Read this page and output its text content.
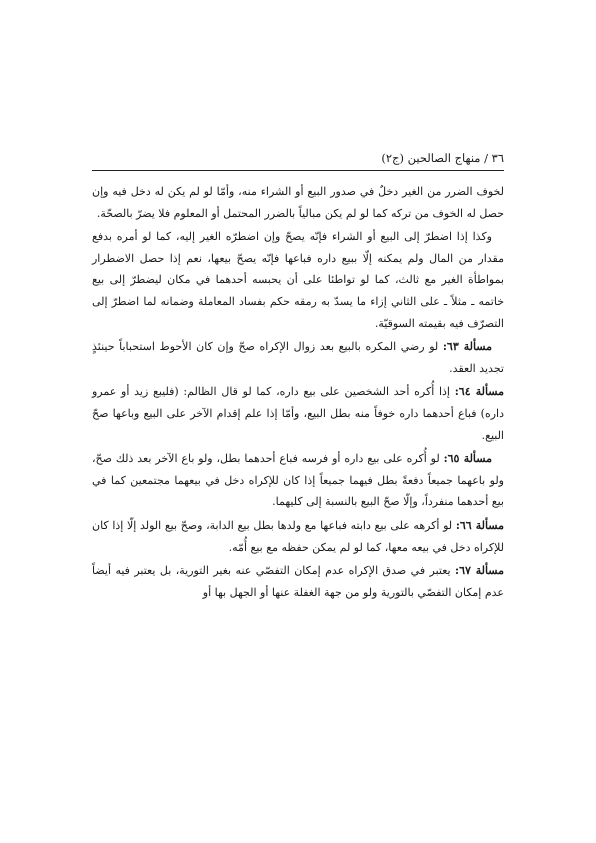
٣٦ / منهاج الصالحين (ج٢)

لخوف الضرر من الغير دخلٌ في صدور البيع أو الشراء منه، وأمّا لو لم يكن له دخل فيه وإن حصل له الخوف من تركه كما لو لم يكن مبالياً بالضرر المحتمل أو المعلوم فلا يضرّ بالصحّة.

وكذا إذا اضطرّ إلى البيع أو الشراء فإنّه يصحّ وإن اضطرّه الغير إليه، كما لو أمره بدفع مقدار من المال ولم يمكنه إلّا ببيع داره فباعها فإنّه يصحّ بيعها، نعم إذا حصل الاضطرار بمواطأة الغير مع ثالث، كما لو تواطئا على أن يحبسه أحدهما في مكان ليضطرّ إلى بيع خاتمه ـ مثلاً ـ على الثاني إزاء ما يسدّ به رمقه حكم بفساد المعاملة وضمانه لما اضطرّ إلى التصرّف فيه بقيمته السوقيّة.

مسألة ٦٣: لو رضي المكره بالبيع بعد زوال الإكراه صحّ وإن كان الأحوط استحباباً حينئذٍ تجديد العقد.

مسألة ٦٤: إذا أُكره أحد الشخصين على بيع داره، كما لو قال الظالم: (فليبع زيد أو عمرو داره) فباع أحدهما داره خوفاً منه بطل البيع، وأمّا إذا علم إقدام الآخر على البيع وباعها صحّ البيع.

مسألة ٦٥: لو أُكره على بيع داره أو فرسه فباع أحدهما بطل، ولو باع الآخر بعد ذلك صحّ، ولو باعهما جميعاً دفعةً بطل فيهما جميعاً إذا كان للإكراه دخل في بيعهما مجتمعين كما في بيع أحدهما منفرداً، وإلّا صحّ البيع بالنسبة إلى كليهما.

مسألة ٦٦: لو أكرهه على بيع دابته فباعها مع ولدها بطل بيع الدابة، وصحّ بيع الولد إلّا إذا كان للإكراه دخل في بيعه معها، كما لو لم يمكن حفظه مع بيع أُمّه.

مسألة ٦٧: يعتبر في صدق الإكراه عدم إمكان التفصّي عنه بغير التورية، بل يعتبر فيه أيضاً عدم إمكان التفصّي بالتورية ولو من جهة الغفلة عنها أو الجهل بها أو
